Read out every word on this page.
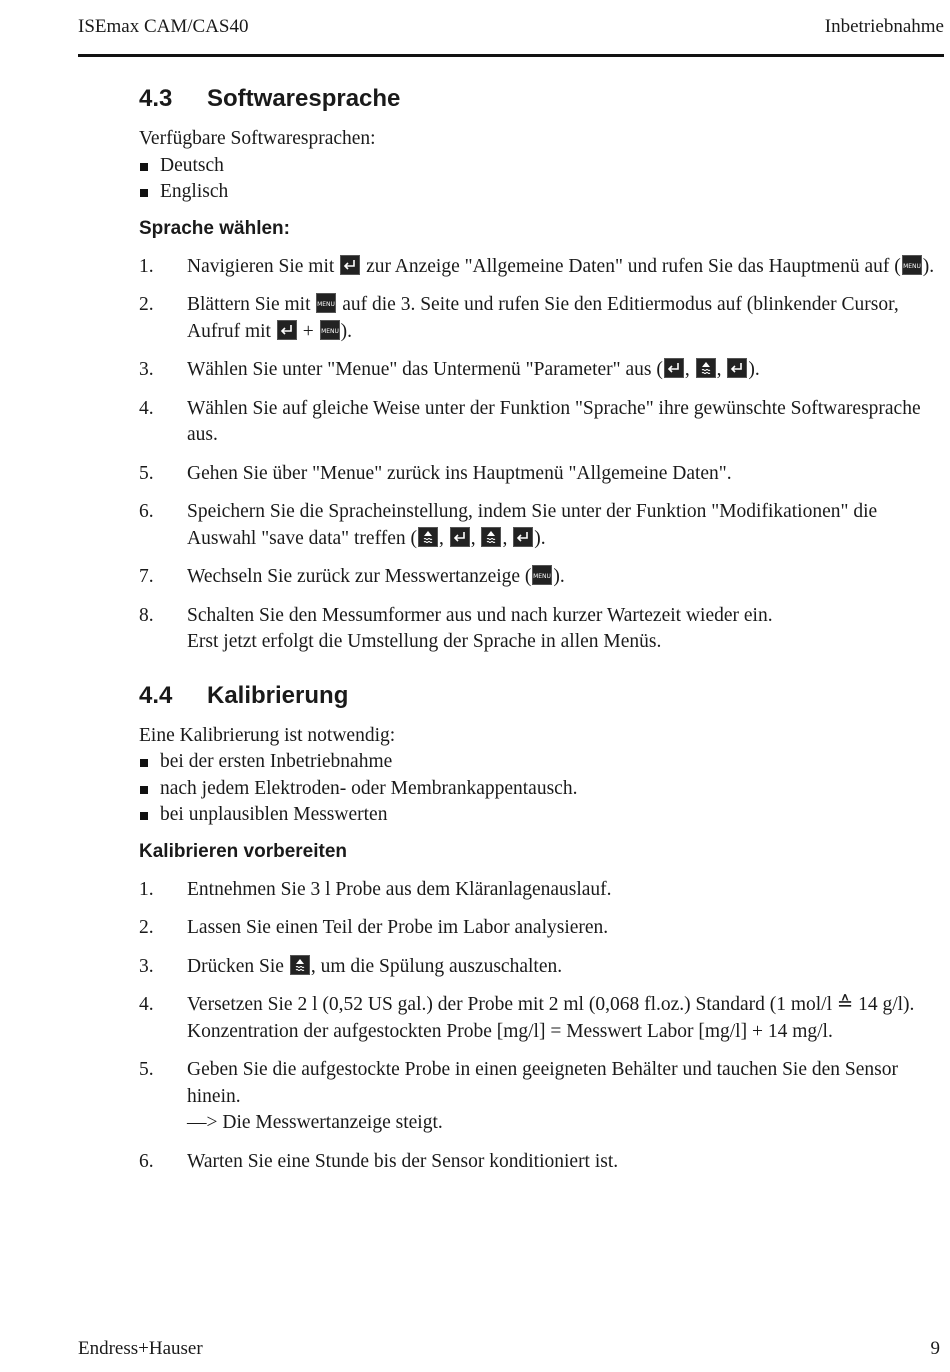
ISEmax CAM/CAS40	Inbetriebnahme
4.3 Softwaresprache
Verfügbare Softwaresprachen:
Deutsch
Englisch
Sprache wählen:
1. Navigieren Sie mit
zur Anzeige "Allgemeine Daten" und rufen Sie das Hauptmenü auf ( MENU ).
2. Blättern Sie mit MENU auf die 3. Seite und rufen Sie den Editiermodus auf (blinkender Cursor, Aufruf mit
+ MENU ).
3. Wählen Sie unter "Menue" das Untermenü "Parameter" aus ( ,
,
).
4. Wählen Sie auf gleiche Weise unter der Funktion "Sprache" ihre gewünschte Softwaresprache aus.
5. Gehen Sie über "Menue" zurück ins Hauptmenü "Allgemeine Daten".
6. Speichern Sie die Spracheinstellung, indem Sie unter der Funktion "Modifikationen" die Auswahl "save data" treffen ( ,
,
,
).
7. Wechseln Sie zurück zur Messwertanzeige ( MENU ).
8. Schalten Sie den Messumformer aus und nach kurzer Wartezeit wieder ein.
Erst jetzt erfolgt die Umstellung der Sprache in allen Menüs.
4.4 Kalibrierung
Eine Kalibrierung ist notwendig:
bei der ersten Inbetriebnahme
nach jedem Elektroden- oder Membrankappentausch.
bei unplausiblen Messwerten
Kalibrieren vorbereiten
1. Entnehmen Sie 3 l Probe aus dem Kläranlagenauslauf.
2. Lassen Sie einen Teil der Probe im Labor analysieren.
3. Drücken Sie
, um die Spülung auszuschalten.
4. Versetzen Sie 2 l (0,52 US gal.) der Probe mit 2 ml (0,068 fl.oz.) Standard (1 mol/l ≙ 14 g/l).
Konzentration der aufgestockten Probe [mg/l] = Messwert Labor [mg/l] + 14 mg/l.
5. Geben Sie die aufgestockte Probe in einen geeigneten Behälter und tauchen Sie den Sensor hinein.
—> Die Messwertanzeige steigt.
6. Warten Sie eine Stunde bis der Sensor konditioniert ist.
Endress+Hauser	9
